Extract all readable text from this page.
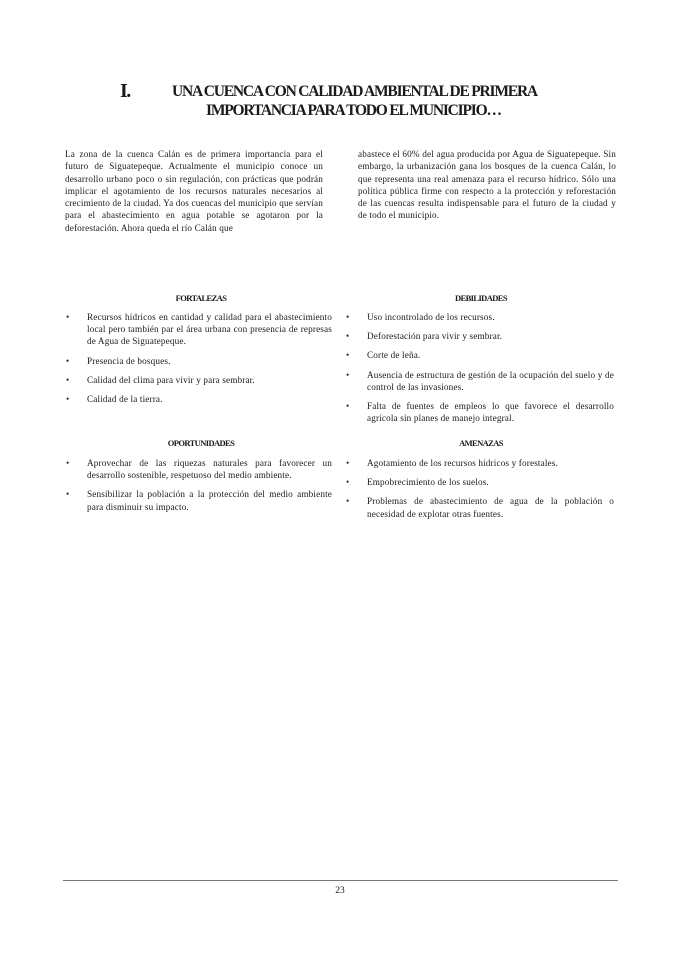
I.	UNA CUENCA CON CALIDAD AMBIENTAL DE PRIMERA
IMPORTANCIA PARA TODO EL MUNICIPIO…

La zona de la cuenca Calán es de primera importancia para el futuro de Siguatepeque. Actualmente el municipio conoce un desarrollo urbano poco o sin regulación, con prácticas que podrán implicar el agotamiento de los recursos naturales necesarios al crecimiento de la ciudad. Ya dos cuencas del municipio que servían para el abastecimiento en agua potable se agotaron por la deforestación. Ahora queda el río Calán que

abastece el 60% del agua producida por Agua de Siguatepeque. Sin embargo, la urbanización gana los bosques de la cuenca Calán, lo que representa una real amenaza para el recurso hídrico. Sólo una política pública firme con respecto a la protección y reforestación de las cuencas resulta indispensable para el futuro de la ciudad y de todo el municipio.

FORTALEZAS
• Recursos hídricos en cantidad y calidad para el abastecimiento local pero también par el área urbana con presencia de represas de Agua de Siguatepeque.
• Presencia de bosques.
• Calidad del clima para vivir y para sembrar.
• Calidad de la tierra.
DEBILIDADES
• Uso incontrolado de los recursos.
• Deforestación para vivir y sembrar.
• Corte de leña.
• Ausencia de estructura de gestión de la ocupación del suelo y de control de las invasiones.
• Falta de fuentes de empleos lo que favorece el desarrollo agrícola sin planes de manejo integral.
OPORTUNIDADES
• Aprovechar de las riquezas naturales para favorecer un desarrollo sostenible, respetuoso del medio ambiente.
• Sensibilizar la población a la protección del medio ambiente para disminuir su impacto.
AMENAZAS
• Agotamiento de los recursos hídricos y forestales.
• Empobrecimiento de los suelos.
• Problemas de abastecimiento de agua de la población o necesidad de explotar otras fuentes.
23
